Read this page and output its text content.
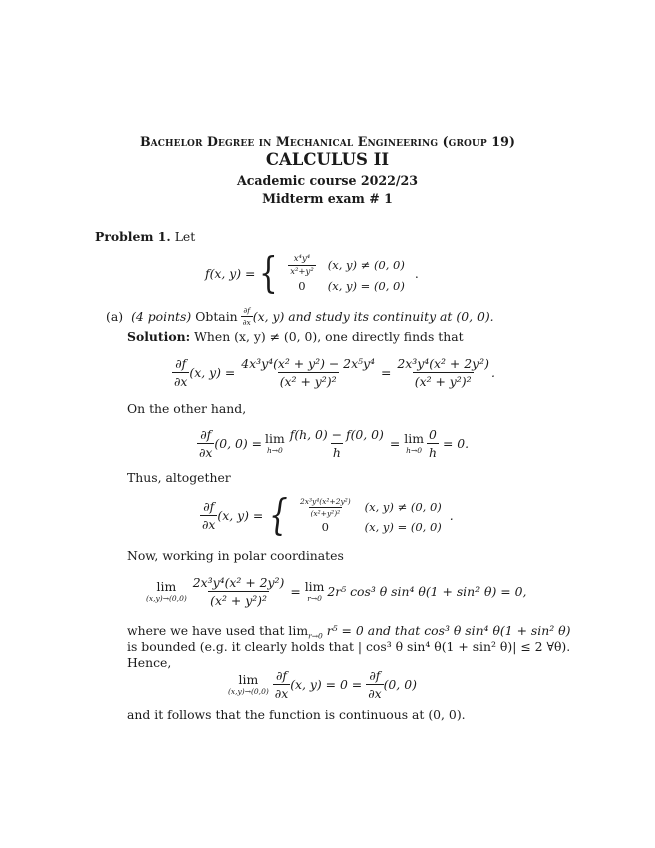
Bachelor Degree in Mechanical Engineering (group 19)
CALCULUS II
Academic course 2022/23
Midterm exam # 1
Problem 1. Let
f(x, y) = { $\frac{\text{x⁴y⁴}}{\text{x²+y²}}$	(x, y) ≠ (0, 0)
0	(x, y) = (0, 0)
.
(a) (4 points) Obtain $\frac{\partial f}{\partial x} (x$, y) and study its continuity at (0, 0).
Solution: When (x, y) ≠ (0, 0), one directly finds that
$\frac{\partial f}{\partial x} (x$, $y) = \frac{\text{4x³y⁴(x² + y²) − 2x⁵y⁴}}{\text{(x² + y²)²}} = \frac{\text{2x³y⁴(x² + 2y²)}}{\text{(x² + y²)²}}$ .
On the other hand,
$\frac{\partial f}{\partial x} (0$, 0) = lim
$h\to 0 \frac{f(h, 0) - f(0, 0)}{h} = \lim$
$h\to 0 \frac{0}{h} = 0$.
Thus, altogether
$\frac{\partial f}{\partial x} (x$, y) = { $\frac{\text{2x³y⁴(x²+2y²)}}{\text{(x²+y²)²}}$	(x, y) ≠ (0, 0)
0	(x, y) = (0, 0)
.
Now, working in polar coordinates
lim
$(x,y)\to(0,0) \frac{\text{2x³y⁴(x² + 2y²)}}{\text{(x² + y²)²}} = \lim$
r→0 2r⁵ cos³ θ sin⁴ θ(1 + sin² θ) = 0,
where we have used that $\lim_{r\to 0} r^5 = 0$ and that cos³ θ sin⁴ θ(1 + sin² θ)
is bounded (e.g. it clearly holds that | cos³ θ sin⁴ θ(1 + sin² θ)| ≤ 2 ∀θ).
Hence,
lim
$(x,y)\to(0,0) \frac{\partial f}{\partial x} (x$, $y) = 0 = \frac{\partial f}{\partial x} (0$, 0)
and it follows that the function is continuous at (0, 0).
